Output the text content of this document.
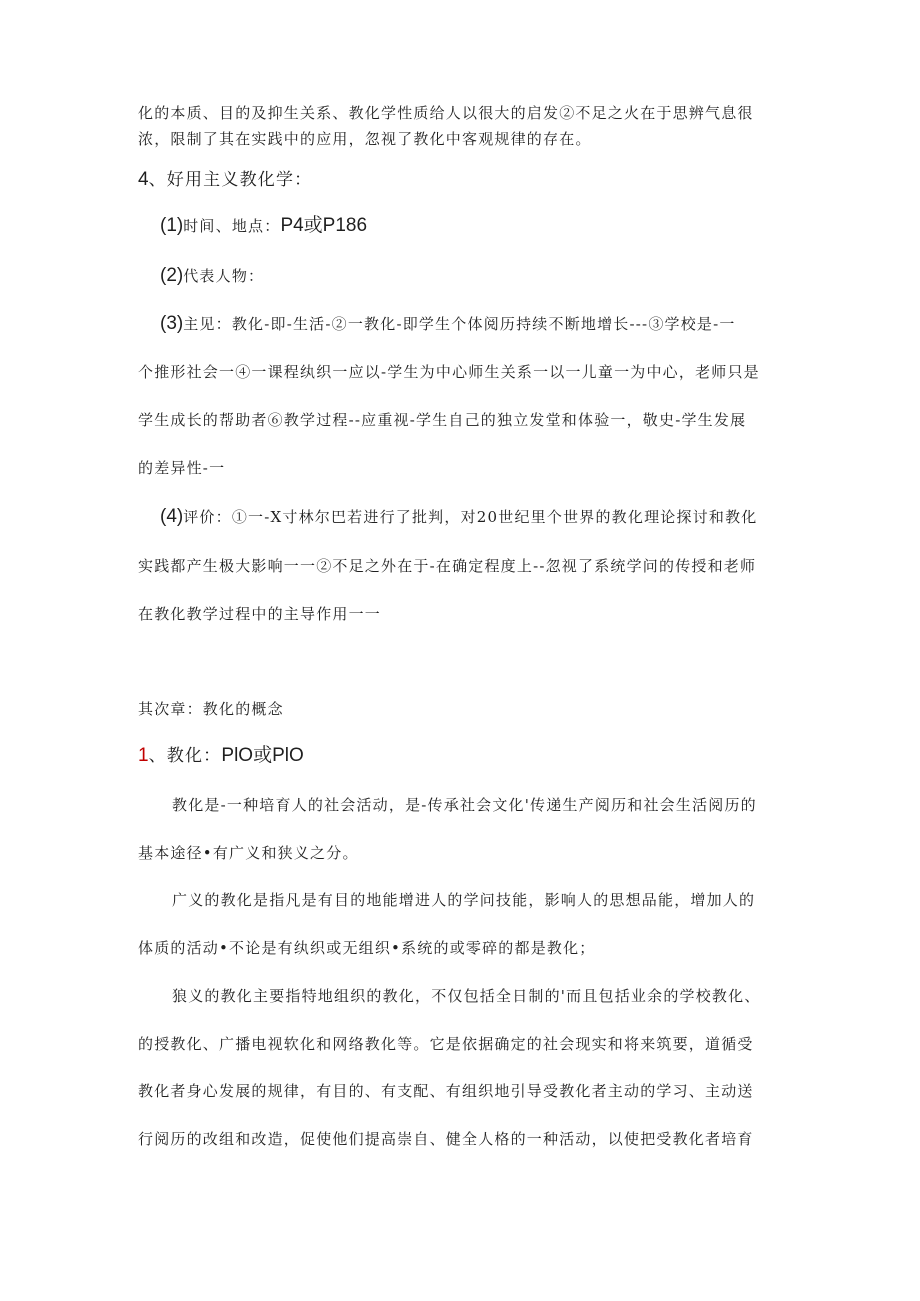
化的本质、目的及抑生关系、教化学性质给人以很大的启发②不足之火在于思辨气息很

浓，限制了其在实践中的应用，忽视了教化中客观规律的存在。

4、好用主义教化学：

(1)时间、地点：P4或P186

(2)代表人物：

(3)主见：教化-即-生活-②一教化-即学生个体阅历持续不断地增长---③学校是-一

个推形社会一④一课程纨织一应以-学生为中心师生关系一以一儿童一为中心，老师只是

学生成长的帮助者⑥教学过程--应重视-学生自己的独立发堂和体验一，敬史-学生发展

的差异性-一

(4)评价：①一-X寸林尔巴若进行了批判，对20世纪里个世界的教化理论探讨和教化

实践都产生极大影响一一②不足之外在于-在确定程度上--忽视了系统学问的传授和老师

在教化教学过程中的主导作用一一

其次章：教化的概念

1、教化：PlO或PlO

教化是-一种培育人的社会活动，是-传承社会文化'传递生产阅历和社会生活阅历的

基本途径•有广义和狭义之分。

广义的教化是指凡是有目的地能增进人的学问技能，影响人的思想品能，增加人的

体质的活动•不论是有纨织或无组织•系统的或零碎的都是教化；

狼义的教化主要指特地组织的教化，不仅包括全日制的'而且包括业余的学校教化、

的授教化、广播电视软化和网络教化等。它是依据确定的社会现实和将来筑要，道循受

教化者身心发展的规律，有目的、有支配、有组织地引导受教化者主动的学习、主动送

行阅历的改组和改造，促使他们提高崇自、健全人格的一种活动，以使把受教化者培育
